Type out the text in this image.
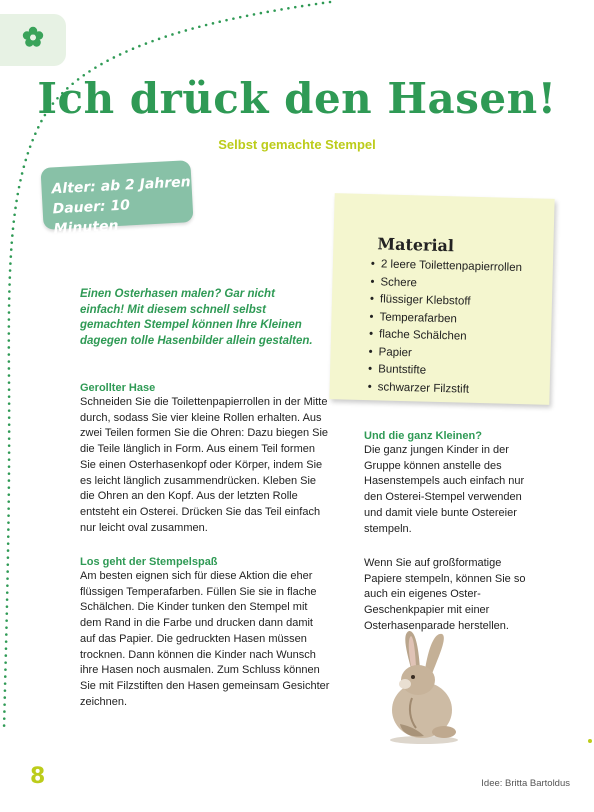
Ich drück den Hasen!
Selbst gemachte Stempel
Alter: ab 2 Jahren
Dauer: 10 Minuten
Material
• 2 leere Toilettenpapierrollen
• Schere
• flüssiger Klebstoff
• Temperafarben
• flache Schälchen
• Papier
• Buntstifte
• schwarzer Filzstift
Einen Osterhasen malen? Gar nicht einfach! Mit diesem schnell selbst gemachten Stempel können Ihre Kleinen dagegen tolle Hasenbilder allein gestalten.

Gerollter Hase

Schneiden Sie die Toilettenpapierrollen in der Mitte durch, sodass Sie vier kleine Rollen erhalten. Aus zwei Teilen formen Sie die Ohren: Dazu biegen Sie die Teile länglich in Form. Aus einem Teil formen Sie einen Osterhasenkopf oder Körper, indem Sie es leicht länglich zusammendrücken. Kleben Sie die Ohren an den Kopf. Aus der letzten Rolle entsteht ein Osterei. Drücken Sie das Teil einfach nur leicht oval zusammen.

Los geht der Stempelspaß

Am besten eignen sich für diese Aktion die eher flüssigen Temperafarben. Füllen Sie sie in flache Schälchen. Die Kinder tunken den Stempel mit dem Rand in die Farbe und drucken dann damit auf das Papier. Die gedruckten Hasen müssen trocknen. Dann können die Kinder nach Wunsch ihre Hasen noch ausmalen. Zum Schluss können Sie mit Filzstiften den Hasen gemeinsam Gesichter zeichnen.

Und die ganz Kleinen?

Die ganz jungen Kinder in der Gruppe können anstelle des Hasenstempels auch einfach nur den Osterei-Stempel verwenden und damit viele bunte Ostereier stempeln.

Wenn Sie auf großformatige Papiere stempeln, können Sie so auch ein eigenes Oster-Geschenkpapier mit einer Osterhasenparade herstellen.

8	Idee: Britta Bartoldus
